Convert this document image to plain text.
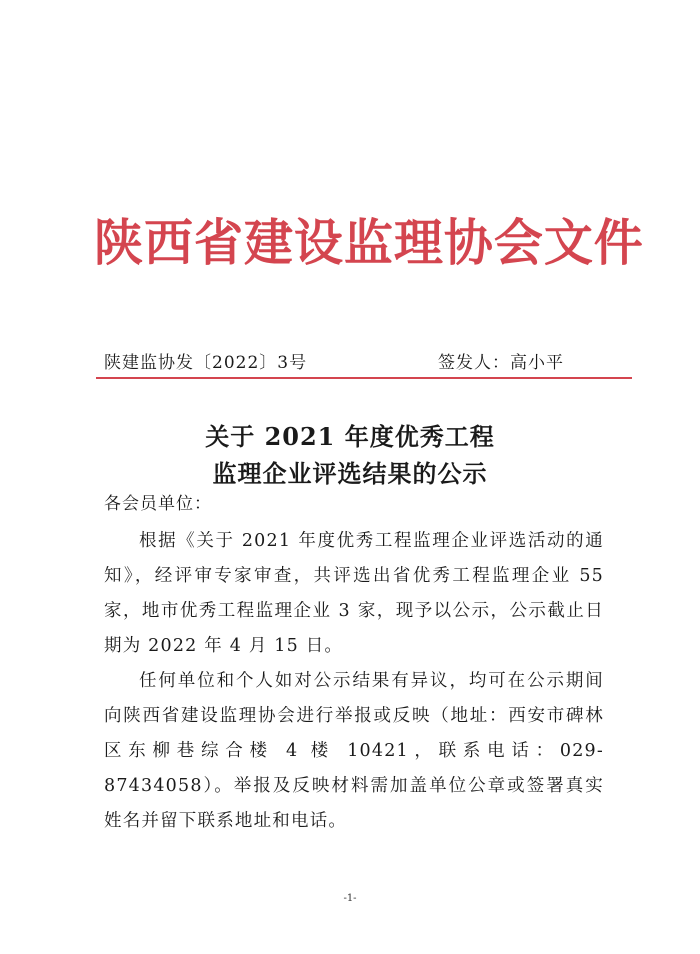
陕西省建设监理协会文件
陕建监协发〔2022〕3号	签发人：高小平
关于 2021 年度优秀工程
监理企业评选结果的公示
各会员单位：
根据《关于 2021 年度优秀工程监理企业评选活动的通知》，经评审专家审查，共评选出省优秀工程监理企业 55 家，地市优秀工程监理企业 3 家，现予以公示，公示截止日期为 2022 年 4 月 15 日。
任何单位和个人如对公示结果有异议，均可在公示期间向陕西省建设监理协会进行举报或反映（地址：西安市碑林区东柳巷综合楼 4 楼 10421，联系电话：029-87434058）。举报及反映材料需加盖单位公章或签署真实姓名并留下联系地址和电话。
-1-
